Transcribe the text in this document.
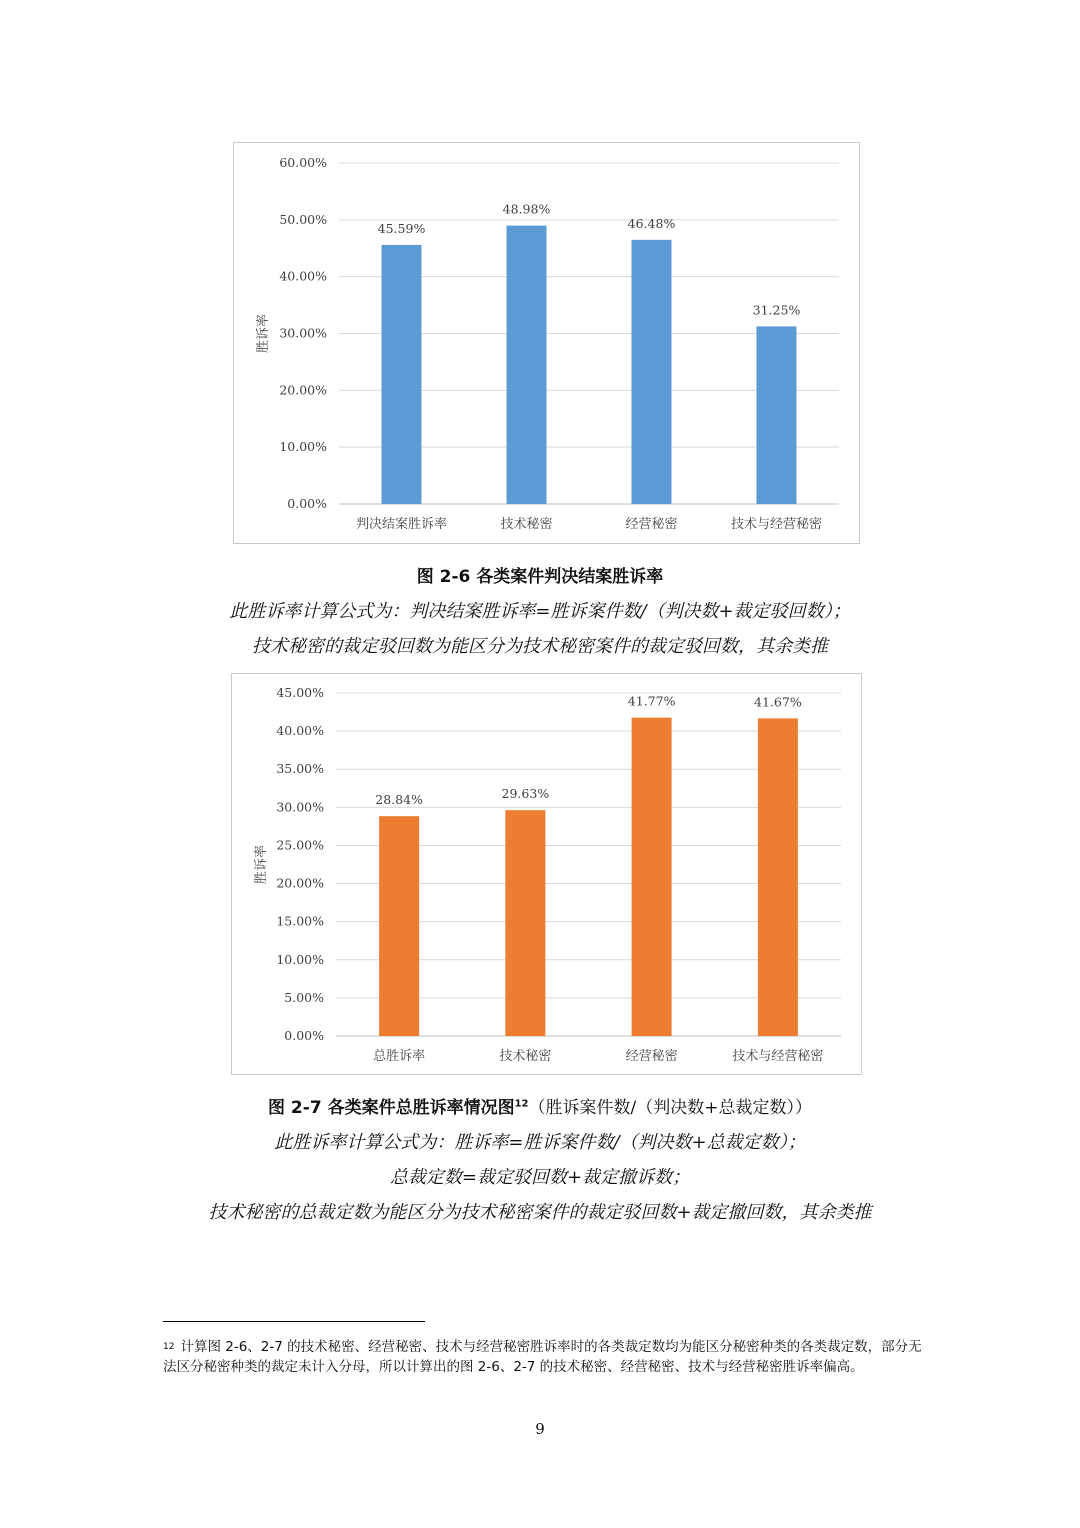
0.00%
10.00%
20.00%
30.00%
40.00%
50.00%
60.00%
45.59%
判决结案胜诉率
48.98%
技术秘密
46.48%
经营秘密
31.25%
技术与经营秘密
胜诉率
图 2-6 各类案件判决结案胜诉率
此胜诉率计算公式为：判决结案胜诉率=胜诉案件数/（判决数+裁定驳回数）；
技术秘密的裁定驳回数为能区分为技术秘密案件的裁定驳回数，其余类推
0.00%
5.00%
10.00%
15.00%
20.00%
25.00%
30.00%
35.00%
40.00%
45.00%
28.84%
总胜诉率
29.63%
技术秘密
41.77%
经营秘密
41.67%
技术与经营秘密
胜诉率
图 2-7 各类案件总胜诉率情况图$^{12}$（胜诉案件数/（判决数+总裁定数））
此胜诉率计算公式为：胜诉率=胜诉案件数/（判决数+总裁定数）；
总裁定数=裁定驳回数+裁定撤诉数；
技术秘密的总裁定数为能区分为技术秘密案件的裁定驳回数+裁定撤回数，其余类推
$^{12}$ 计算图 2-6、2-7 的技术秘密、经营秘密、技术与经营秘密胜诉率时的各类裁定数均为能区分秘密种类的各类裁定数，部分无法区分秘密种类的裁定未计入分母，所以计算出的图 2-6、2-7 的技术秘密、经营秘密、技术与经营秘密胜诉率偏高。
9
